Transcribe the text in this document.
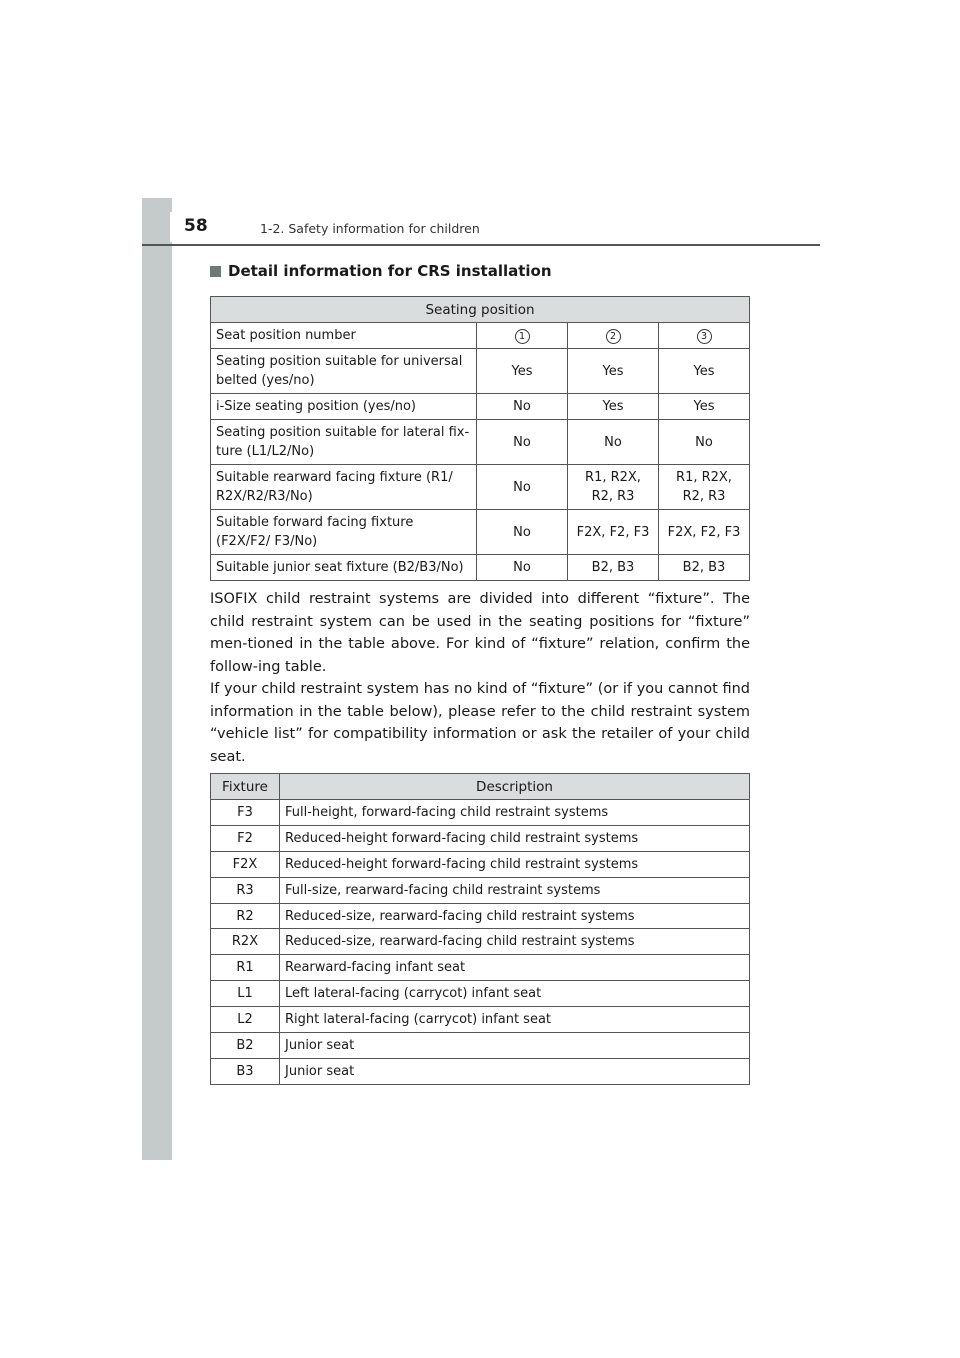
58	1-2. Safety information for children
Detail information for CRS installation
Seating position			
Seat position number	1	2	3
Seating position suitable for universal belted (yes/no)	Yes	Yes	Yes
i-Size seating position (yes/no)	No	Yes	Yes
Seating position suitable for lateral fix-ture (L1/L2/No)	No	No	No
Suitable rearward facing fixture (R1/ R2X/R2/R3/No)	No	R1, R2X, R2, R3	R1, R2X, R2, R3
Suitable forward facing fixture (F2X/F2/ F3/No)	No	F2X, F2, F3	F2X, F2, F3
Suitable junior seat fixture (B2/B3/No)	No	B2, B3	B2, B3

ISOFIX child restraint systems are divided into different “fixture”. The child restraint system can be used in the seating positions for “fixture” men-tioned in the table above. For kind of “fixture” relation, confirm the follow-ing table.

If your child restraint system has no kind of “fixture” (or if you cannot find information in the table below), please refer to the child restraint system “vehicle list” for compatibility information or ask the retailer of your child seat.

Fixture	Description
F3	Full-height, forward-facing child restraint systems
F2	Reduced-height forward-facing child restraint systems
F2X	Reduced-height forward-facing child restraint systems
R3	Full-size, rearward-facing child restraint systems
R2	Reduced-size, rearward-facing child restraint systems
R2X	Reduced-size, rearward-facing child restraint systems
R1	Rearward-facing infant seat
L1	Left lateral-facing (carrycot) infant seat
L2	Right lateral-facing (carrycot) infant seat
B2	Junior seat
B3	Junior seat
